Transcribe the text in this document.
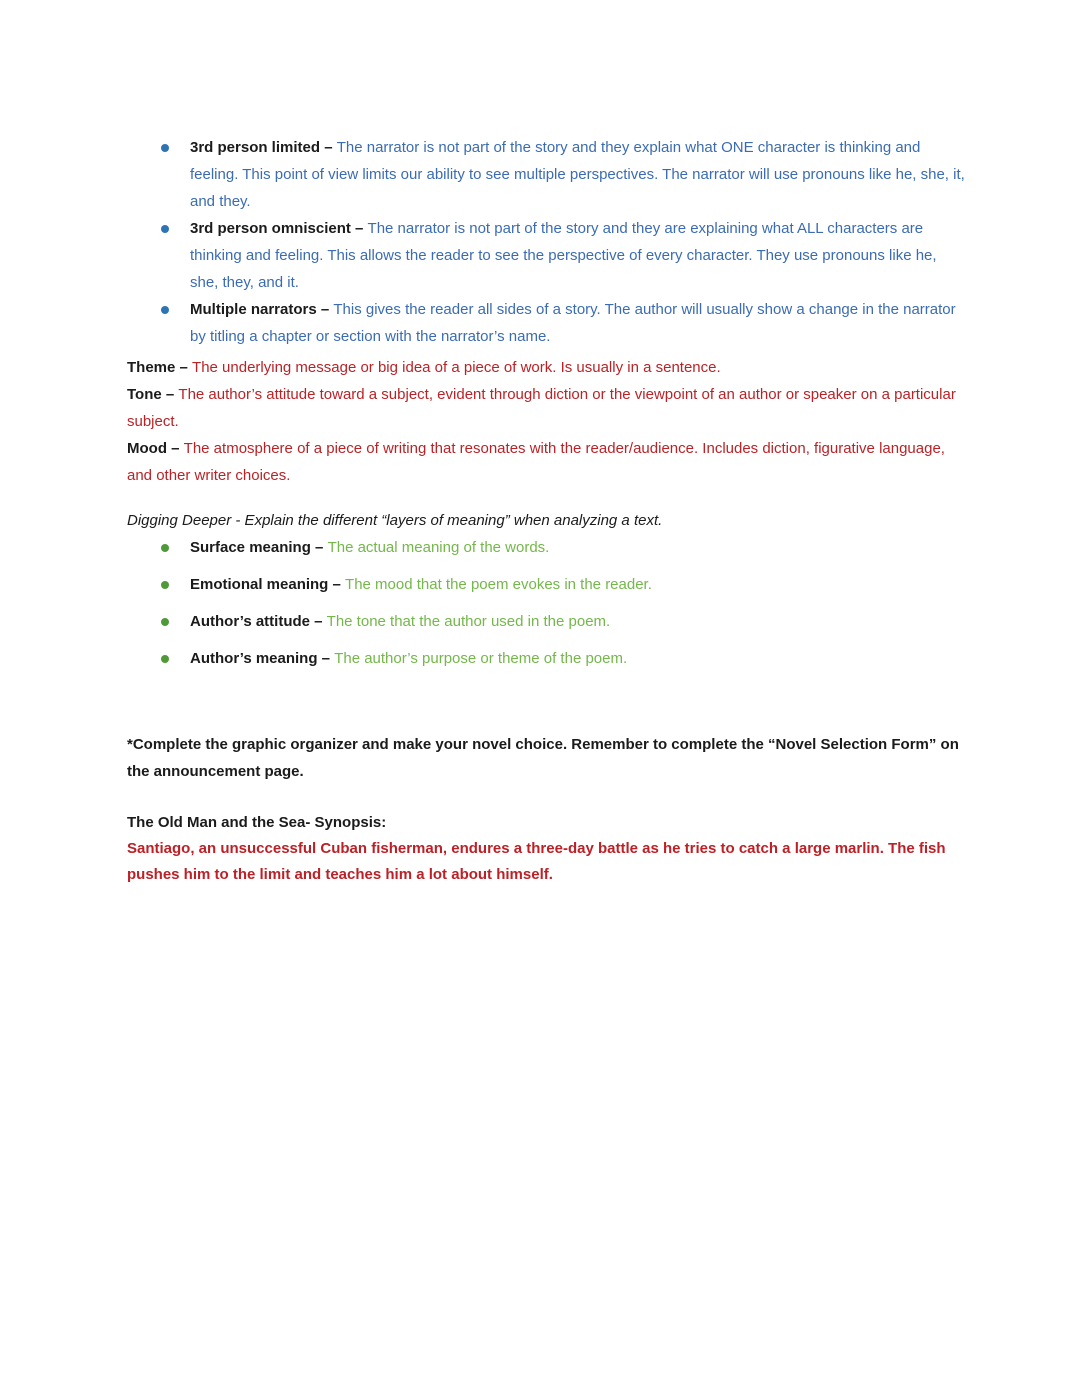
3rd person limited – The narrator is not part of the story and they explain what ONE character is thinking and feeling. This point of view limits our ability to see multiple perspectives. The narrator will use pronouns like he, she, it, and they.
3rd person omniscient – The narrator is not part of the story and they are explaining what ALL characters are thinking and feeling. This allows the reader to see the perspective of every character. They use pronouns like he, she, they, and it.
Multiple narrators – This gives the reader all sides of a story. The author will usually show a change in the narrator by titling a chapter or section with the narrator’s name.

Theme – The underlying message or big idea of a piece of work. Is usually in a sentence.

Tone – The author’s attitude toward a subject, evident through diction or the viewpoint of an author or speaker on a particular subject.

Mood – The atmosphere of a piece of writing that resonates with the reader/audience. Includes diction, figurative language, and other writer choices.

Digging Deeper - Explain the different “layers of meaning” when analyzing a text.

Surface meaning – The actual meaning of the words.
Emotional meaning – The mood that the poem evokes in the reader.
Author’s attitude – The tone that the author used in the poem.
Author’s meaning – The author’s purpose or theme of the poem.

*Complete the graphic organizer and make your novel choice. Remember to complete the “Novel Selection Form” on the announcement page.

The Old Man and the Sea- Synopsis:

Santiago, an unsuccessful Cuban fisherman, endures a three-day battle as he tries to catch a large marlin. The fish pushes him to the limit and teaches him a lot about himself.
